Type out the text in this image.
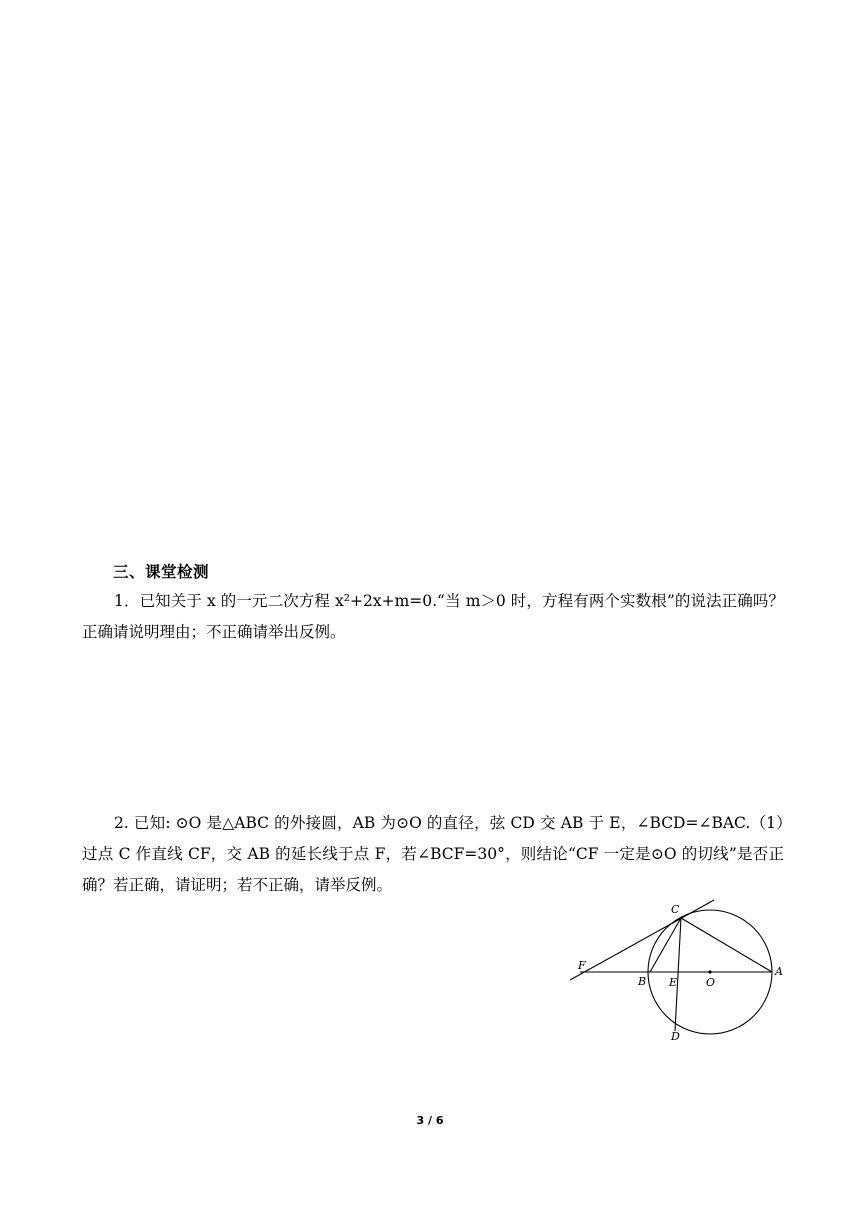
三、课堂检测
1．已知关于 x 的一元二次方程 x²+2x+m=0.“当 m＞0 时，方程有两个实数根”的说法正确吗？正确请说明理由；不正确请举出反例。
2. 已知: ⊙O 是△ABC 的外接圆，AB 为⊙O 的直径，弦 CD 交 AB 于 E，∠BCD=∠BAC.（1）过点 C 作直线 CF，交 AB 的延长线于点 F，若∠BCF=30°，则结论“CF 一定是⊙O 的切线”是否正确？若正确，请证明；若不正确，请举反例。
C
F
B E	O
A
D
3 / 6
